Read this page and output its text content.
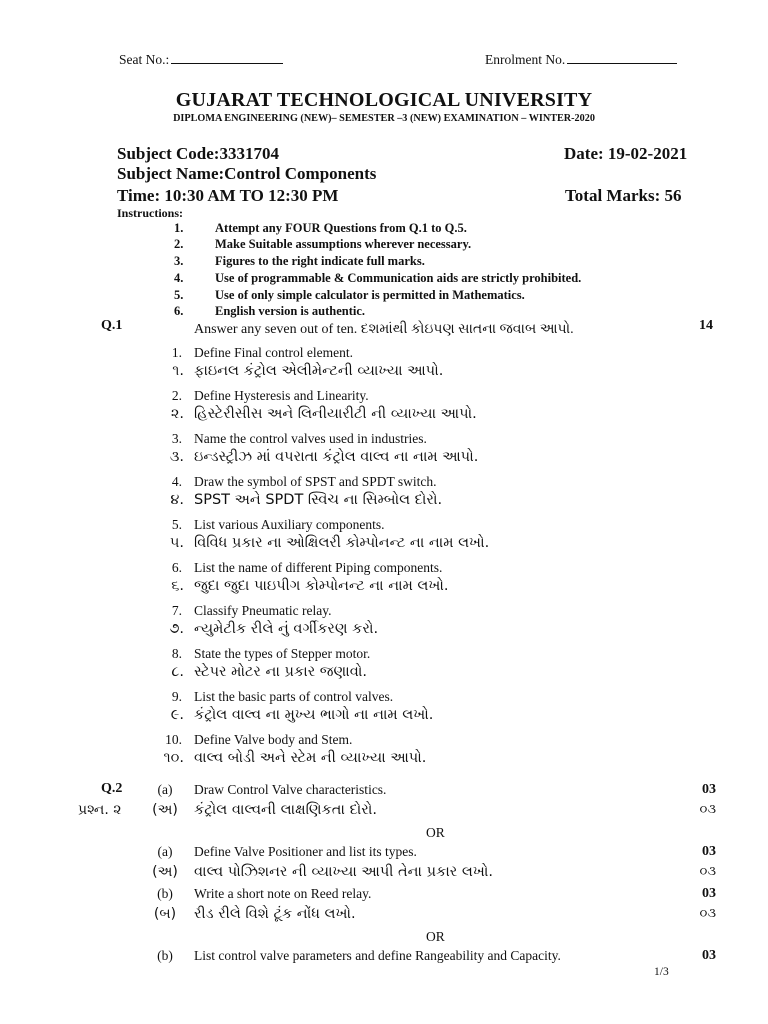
Seat No.:	Enrolment No.
GUJARAT TECHNOLOGICAL UNIVERSITY
DIPLOMA ENGINEERING (NEW)– SEMESTER –3 (NEW) EXAMINATION – WINTER-2020
Subject Code:3331704	Date: 19-02-2021
Subject Name:Control Components
Time: 10:30 AM TO 12:30 PM	Total Marks: 56
Instructions:
1.	Attempt any FOUR Questions from Q.1 to Q.5.
2.	Make Suitable assumptions wherever necessary.
3.	Figures to the right indicate full marks.
4.	Use of programmable & Communication aids are strictly prohibited.
5.	Use of only simple calculator is permitted in Mathematics.
6.	English version is authentic.
Q.1	Answer any seven out of ten. દશમાંથી કોઇપણ સાતના જવાબ આપો.	14
1. Define Final control element.
૧. ફાઇનલ કંટ્રોલ એલીમેન્ટની વ્યાખ્યા આપો.
2. Define Hysteresis and Linearity.
૨. હિસ્ટેરીસીસ અને લિનીયારીટી ની વ્યાખ્યા આપો.
3. Name the control valves used in industries.
૩. ઇન્ડસ્ટ્રીઝ માં વપરાતા કંટ્રોલ વાલ્વ ના નામ આપો.
4. Draw the symbol of SPST and SPDT switch.
૪. SPST અને SPDT સ્વિચ ના સિમ્બોલ દોરો.
5. List various Auxiliary components.
૫. વિવિધ પ્રકાર ના ઓક્ષિલરી કોમ્પોનન્ટ ના નામ લખો.
6. List the name of different Piping components.
૬. જુદા જુદા પાઇપીગ કોમ્પોનન્ટ ના નામ લખો.
7. Classify Pneumatic relay.
૭. ન્યુમેટીક રીલે નું વર્ગીકરણ કરો.
8. State the types of Stepper motor.
૮. સ્ટેપર મોટર ના પ્રકાર જણાવો.
9. List the basic parts of control valves.
૯. કંટ્રોલ વાલ્વ ના મુખ્ય ભાગો ના નામ લખો.
10. Define Valve body and Stem.
૧૦. વાલ્વ બોડી અને સ્ટેમ ની વ્યાખ્યા આપો.
Q.2
પ્રશ્ન. ૨
(a)	Draw Control Valve characteristics.	03
(અ)	કંટ્રોલ વાલ્વની લાક્ષણિકતા દોરો.	૦૩
(a)	Define Valve Positioner and list its types.	03
(અ)	વાલ્વ પોઝિશનર ની વ્યાખ્યા આપી તેના પ્રકાર લખો.	૦૩
(b)	Write a short note on Reed relay.	03
(બ)	રીડ રીલે વિશે ટૂંક નોંધ લખો.	૦૩
(b)	List control valve parameters and define Rangeability and Capacity.	03
OR
OR
1/3
